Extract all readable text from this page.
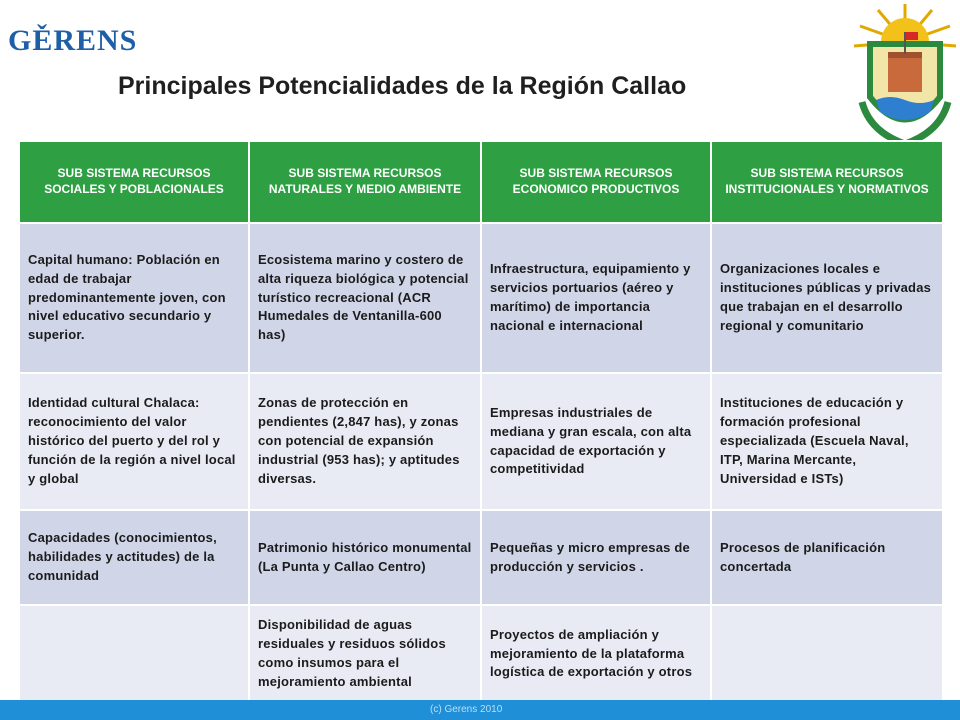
GĚRENS
Principales Potencialidades de la Región Callao
SUB SISTEMA RECURSOS SOCIALES Y POBLACIONALES	SUB SISTEMA RECURSOS NATURALES Y MEDIO AMBIENTE	SUB SISTEMA RECURSOS ECONOMICO PRODUCTIVOS	SUB SISTEMA RECURSOS INSTITUCIONALES Y NORMATIVOS
Capital humano: Población en edad de trabajar predominantemente joven, con nivel educativo secundario y superior.	Ecosistema marino y costero de alta riqueza biológica y potencial turístico recreacional (ACR Humedales de Ventanilla-600 has)	Infraestructura, equipamiento y servicios portuarios (aéreo y marítimo) de importancia nacional e internacional	Organizaciones locales e instituciones públicas y privadas que trabajan en el desarrollo regional y comunitario
Identidad cultural Chalaca: reconocimiento del valor histórico del puerto y del rol y función de la región a nivel local y global	Zonas de protección en pendientes (2,847 has), y zonas con potencial de expansión industrial (953 has); y aptitudes diversas.	Empresas industriales de mediana y gran escala, con alta capacidad de exportación y competitividad	Instituciones de educación y formación profesional especializada (Escuela Naval, ITP, Marina Mercante, Universidad e ISTs)
Capacidades (conocimientos, habilidades y actitudes) de la comunidad	Patrimonio histórico monumental (La Punta y Callao Centro)	Pequeñas y micro empresas de producción y servicios .	Procesos de planificación concertada
	Disponibilidad de aguas residuales y residuos sólidos como insumos para el mejoramiento ambiental	Proyectos de ampliación y mejoramiento de la plataforma logística de exportación y otros	
(c) Gerens 2010
